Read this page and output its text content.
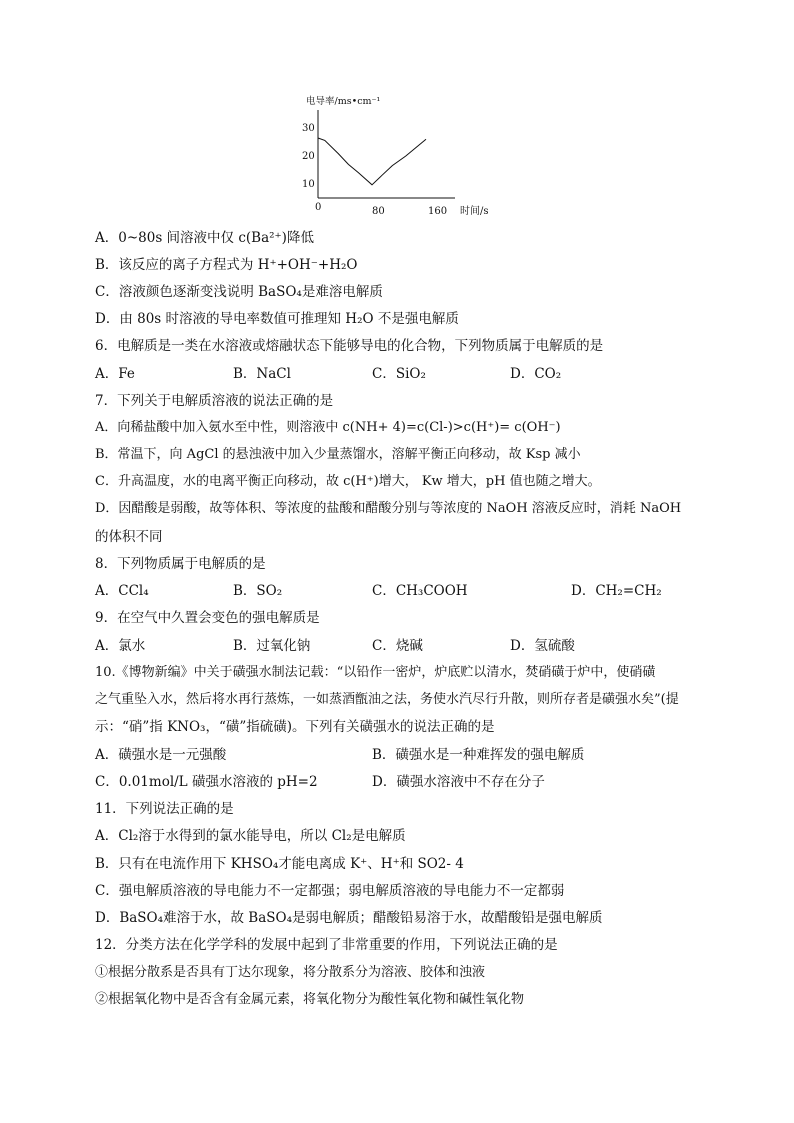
电导率/ms•cm⁻¹
30
20
10
0	80	160 时间/s
A．0~80s 间溶液中仅 c(Ba²⁺)降低
B．该反应的离子方程式为 H⁺+OH⁻+H₂O
C．溶液颜色逐渐变浅说明 BaSO₄是难溶电解质
D．由 80s 时溶液的导电率数值可推理知 H₂O 不是强电解质
6．电解质是一类在水溶液或熔融状态下能够导电的化合物，下列物质属于电解质的是
A．Fe	B．NaCl	C．SiO₂	D．CO₂
7．下列关于电解质溶液的说法正确的是
A．向稀盐酸中加入氨水至中性，则溶液中 c(NH+ 4)=c(Cl-)>c(H⁺)= c(OH⁻)
B．常温下，向 AgCl 的悬浊液中加入少量蒸馏水，溶解平衡正向移动，故 Ksp 减小
C．升高温度，水的电离平衡正向移动，故 c(H⁺)增大， Kw 增大，pH 值也随之增大。
D．因醋酸是弱酸，故等体积、等浓度的盐酸和醋酸分别与等浓度的 NaOH 溶液反应时，消耗 NaOH
的体积不同
8．下列物质属于电解质的是
A．CCl₄	B．SO₂	C．CH₃COOH	D．CH₂=CH₂
9．在空气中久置会变色的强电解质是
A．氯水	B．过氧化钠	C．烧碱	D．氢硫酸
10.《博物新编》中关于磺强水制法记载：“以铅作一密炉，炉底贮以清水，焚硝磺于炉中，使硝磺
之气重坠入水，然后将水再行蒸炼，一如蒸酒甑油之法，务使水汽尽行升散，则所存者是磺强水矣”(提
示：“硝”指 KNO₃，“磺”指硫磺)。下列有关磺强水的说法正确的是
A．磺强水是一元强酸	B．磺强水是一种难挥发的强电解质
C．0.01mol/L 磺强水溶液的 pH=2	D．磺强水溶液中不存在分子
11．下列说法正确的是
A．Cl₂溶于水得到的氯水能导电，所以 Cl₂是电解质
B．只有在电流作用下 KHSO₄才能电离成 K⁺、H⁺和 SO2- 4
C．强电解质溶液的导电能力不一定都强；弱电解质溶液的导电能力不一定都弱
D．BaSO₄难溶于水，故 BaSO₄是弱电解质；醋酸铅易溶于水，故醋酸铅是强电解质
12．分类方法在化学学科的发展中起到了非常重要的作用，下列说法正确的是
①根据分散系是否具有丁达尔现象，将分散系分为溶液、胶体和浊液
②根据氧化物中是否含有金属元素，将氧化物分为酸性氧化物和碱性氧化物
